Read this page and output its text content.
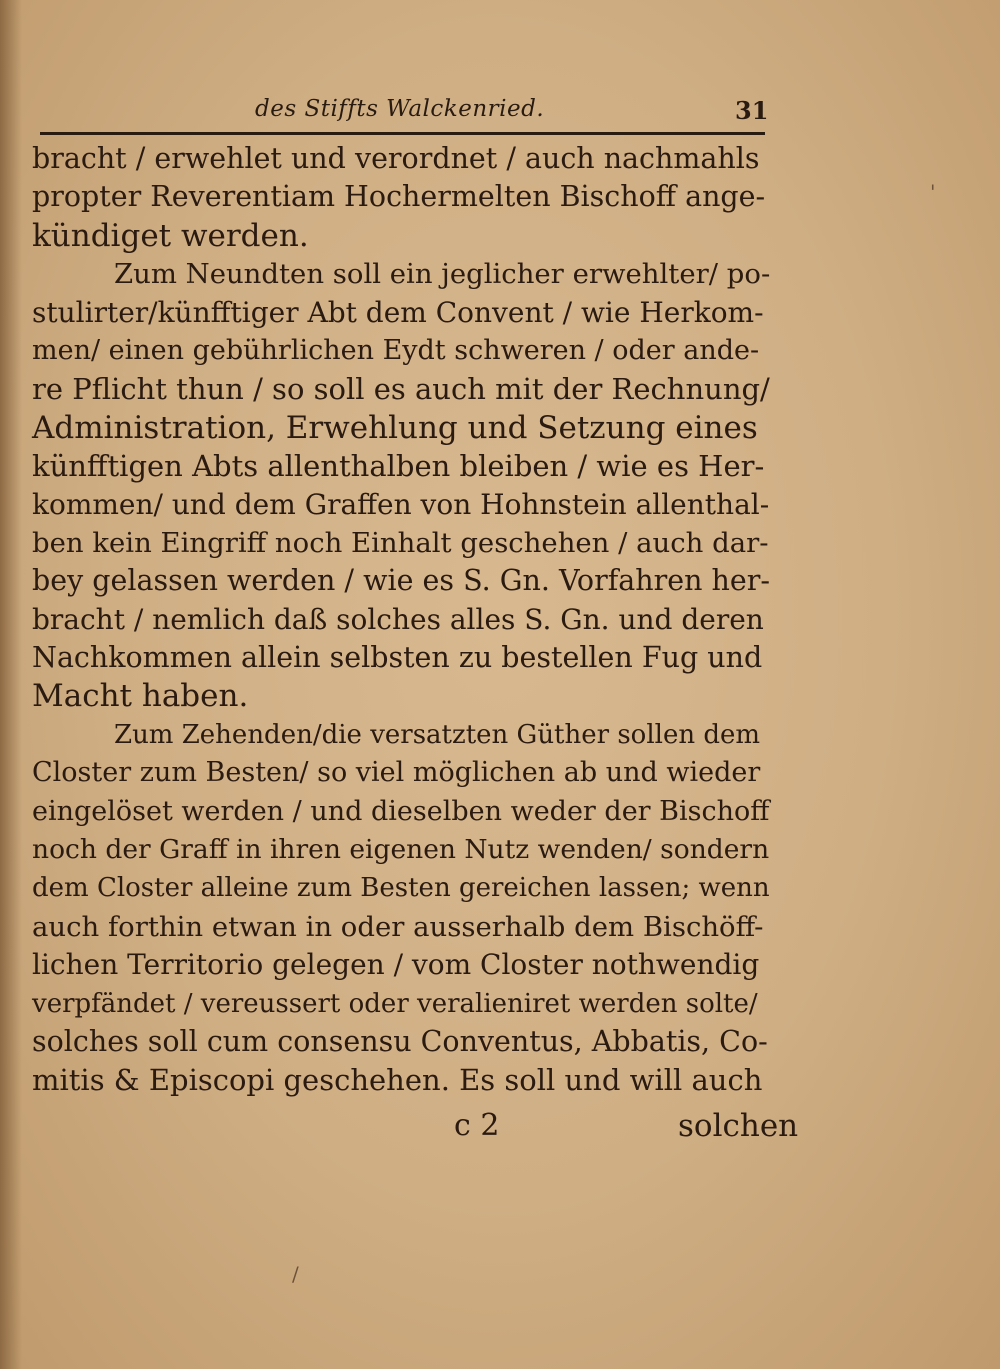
des Stiffts Walckenried.	31
bracht / erwehlet und verordnet / auch nachmahls
propter Reverentiam Hochermelten Bischoff ange-
kündiget werden.
Zum Neundten soll ein jeglicher erwehlter/ po-
stulirter/künfftiger Abt dem Convent / wie Herkom-
men/ einen gebührlichen Eydt schweren / oder ande-
re Pflicht thun / so soll es auch mit der Rechnung/
Administration, Erwehlung und Setzung eines
künfftigen Abts allenthalben bleiben / wie es Her-
kommen/ und dem Graffen von Hohnstein allenthal-
ben kein Eingriff noch Einhalt geschehen / auch dar-
bey gelassen werden / wie es S. Gn. Vorfahren her-
bracht / nemlich daß solches alles S. Gn. und deren
Nachkommen allein selbsten zu bestellen Fug und
Macht haben.
Zum Zehenden/die versatzten Güther sollen dem
Closter zum Besten/ so viel möglichen ab und wieder
eingelöset werden / und dieselben weder der Bischoff
noch der Graff in ihren eigenen Nutz wenden/ sondern
dem Closter alleine zum Besten gereichen lassen; wenn
auch forthin etwan in oder ausserhalb dem Bischöff-
lichen Territorio gelegen / vom Closter nothwendig
verpfändet / vereussert oder veralieniret werden solte/
solches soll cum consensu Conventus, Abbatis, Co-
mitis & Episcopi geschehen. Es soll und will auch
c 2	solchen
/
'
